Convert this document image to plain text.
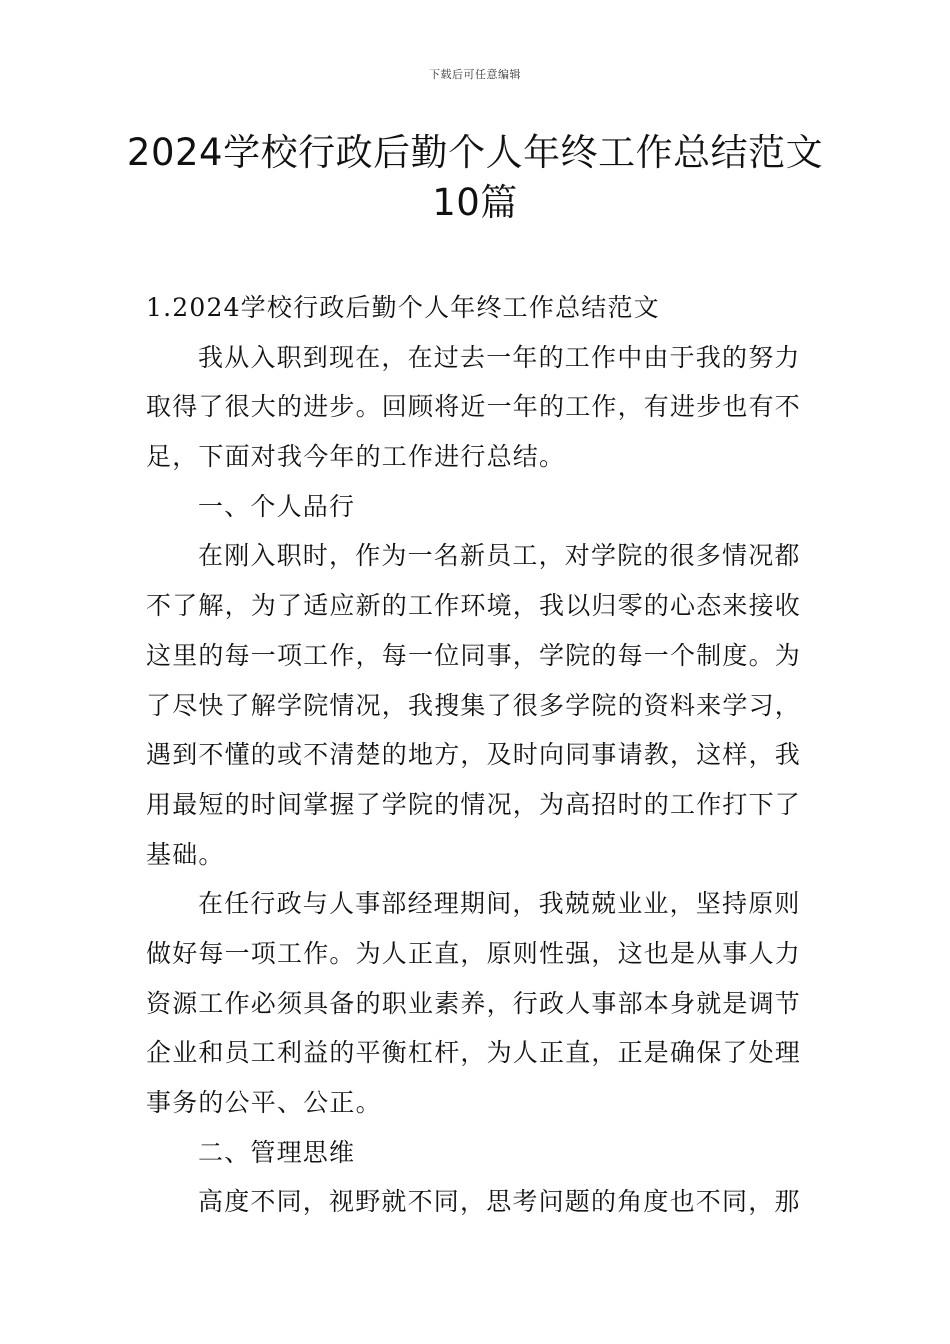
下载后可任意编辑
2024学校行政后勤个人年终工作总结范文
10篇
1.2024学校行政后勤个人年终工作总结范文
我从入职到现在，在过去一年的工作中由于我的努力
取得了很大的进步。回顾将近一年的工作，有进步也有不
足，下面对我今年的工作进行总结。
一、个人品行
在刚入职时，作为一名新员工，对学院的很多情况都
不了解，为了适应新的工作环境，我以归零的心态来接收
这里的每一项工作，每一位同事，学院的每一个制度。为
了尽快了解学院情况，我搜集了很多学院的资料来学习，
遇到不懂的或不清楚的地方，及时向同事请教，这样，我
用最短的时间掌握了学院的情况，为高招时的工作打下了
基础。
在任行政与人事部经理期间，我兢兢业业，坚持原则
做好每一项工作。为人正直，原则性强，这也是从事人力
资源工作必须具备的职业素养，行政人事部本身就是调节
企业和员工利益的平衡杠杆，为人正直，正是确保了处理
事务的公平、公正。
二、管理思维
高度不同，视野就不同，思考问题的角度也不同，那
